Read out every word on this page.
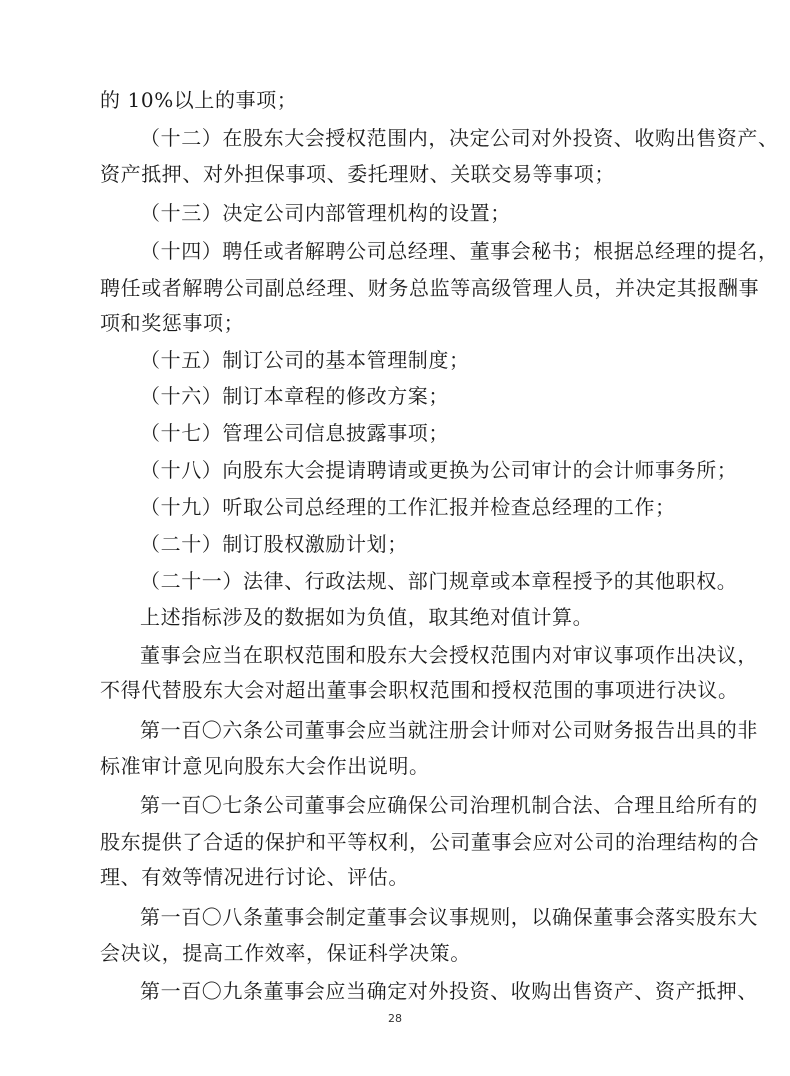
的 10%以上的事项；
（十二）在股东大会授权范围内，决定公司对外投资、收购出售资产、
资产抵押、对外担保事项、委托理财、关联交易等事项；
（十三）决定公司内部管理机构的设置；
（十四）聘任或者解聘公司总经理、董事会秘书；根据总经理的提名，
聘任或者解聘公司副总经理、财务总监等高级管理人员，并决定其报酬事
项和奖惩事项；
（十五）制订公司的基本管理制度；
（十六）制订本章程的修改方案；
（十七）管理公司信息披露事项；
（十八）向股东大会提请聘请或更换为公司审计的会计师事务所；
（十九）听取公司总经理的工作汇报并检查总经理的工作；
（二十）制订股权激励计划；
（二十一）法律、行政法规、部门规章或本章程授予的其他职权。
上述指标涉及的数据如为负值，取其绝对值计算。
董事会应当在职权范围和股东大会授权范围内对审议事项作出决议，
不得代替股东大会对超出董事会职权范围和授权范围的事项进行决议。
第一百〇六条公司董事会应当就注册会计师对公司财务报告出具的非
标准审计意见向股东大会作出说明。
第一百〇七条公司董事会应确保公司治理机制合法、合理且给所有的
股东提供了合适的保护和平等权利，公司董事会应对公司的治理结构的合
理、有效等情况进行讨论、评估。
第一百〇八条董事会制定董事会议事规则，以确保董事会落实股东大
会决议，提高工作效率，保证科学决策。
第一百〇九条董事会应当确定对外投资、收购出售资产、资产抵押、
28
